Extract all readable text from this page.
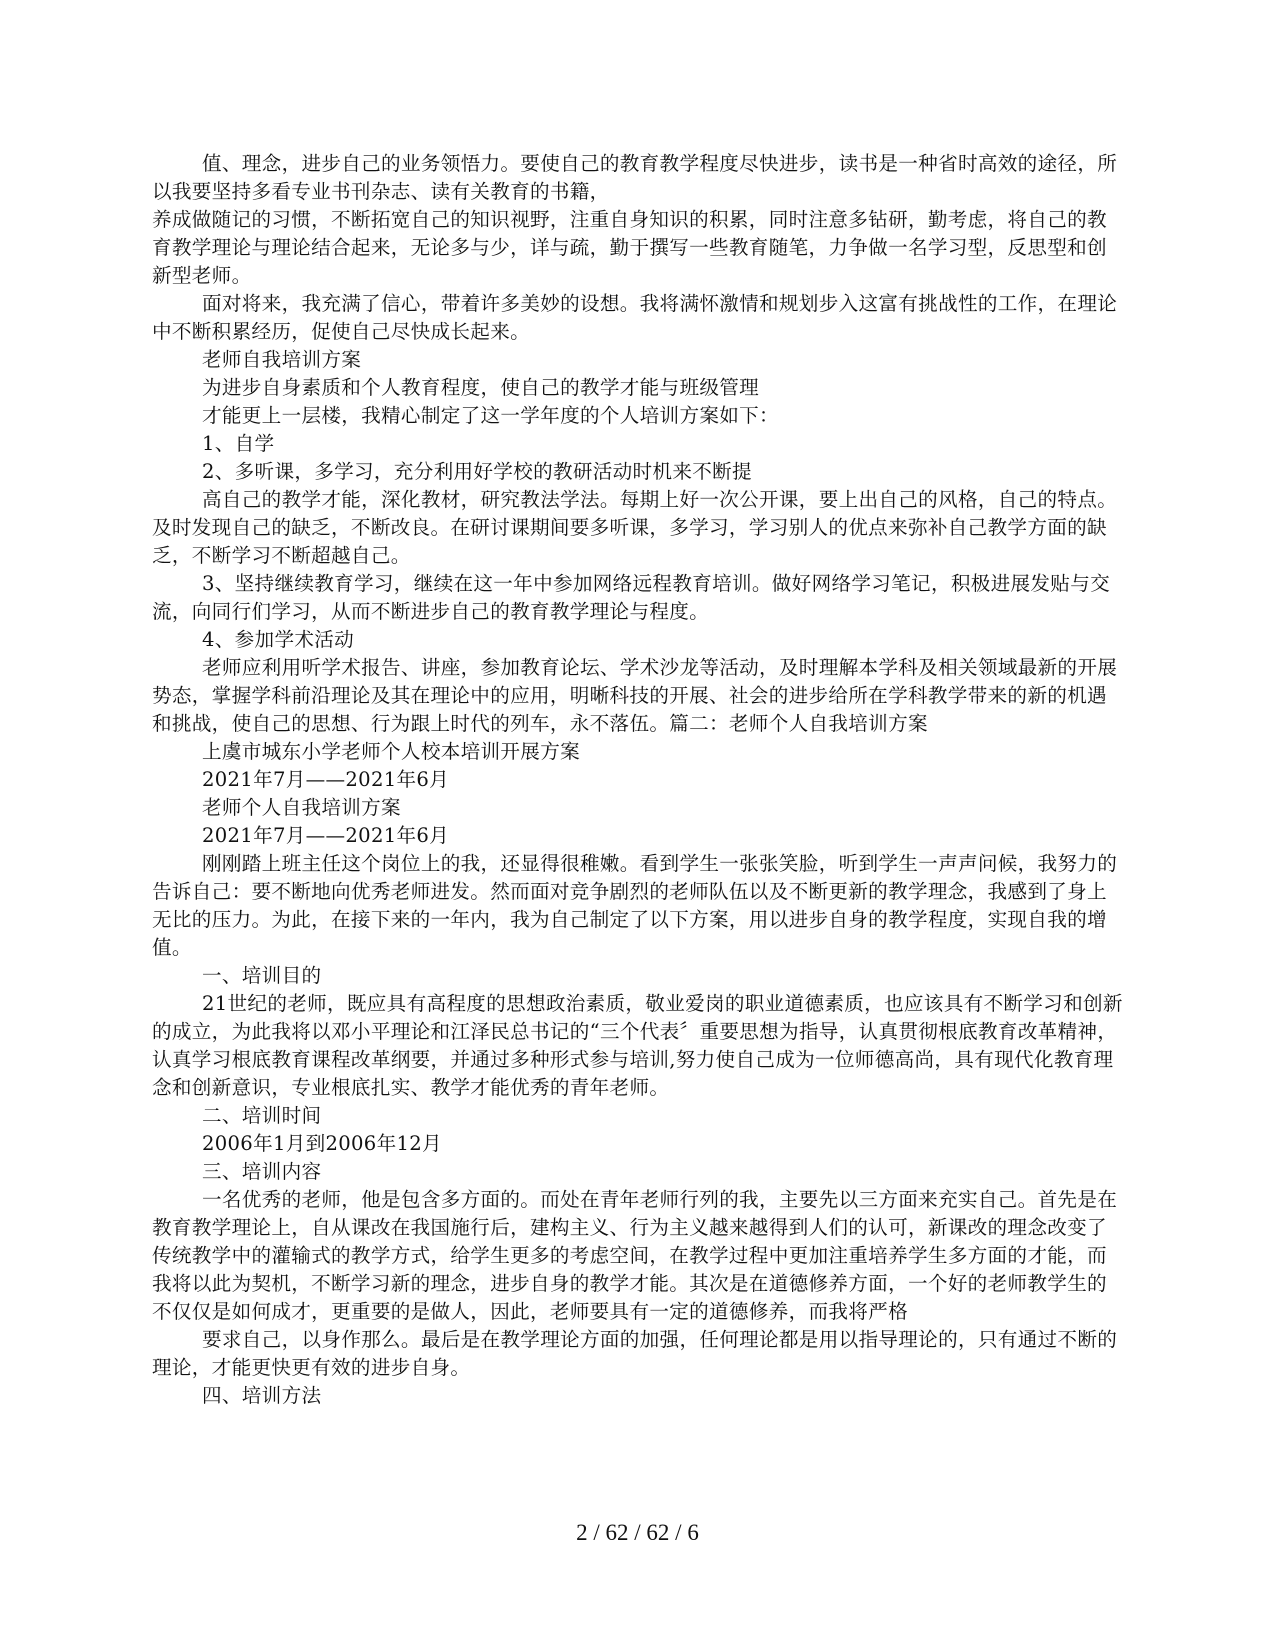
值、理念，进步自己的业务领悟力。要使自己的教育教学程度尽快进步，读书是一种省时高效的途径，所以我要坚持多看专业书刊杂志、读有关教育的书籍，

养成做随记的习惯，不断拓宽自己的知识视野，注重自身知识的积累，同时注意多钻研，勤考虑，将自己的教育教学理论与理论结合起来，无论多与少，详与疏，勤于撰写一些教育随笔，力争做一名学习型，反思型和创新型老师。

面对将来，我充满了信心，带着许多美妙的设想。我将满怀激情和规划步入这富有挑战性的工作，在理论中不断积累经历，促使自己尽快成长起来。

老师自我培训方案

为进步自身素质和个人教育程度，使自己的教学才能与班级管理

才能更上一层楼，我精心制定了这一学年度的个人培训方案如下：

1、自学

2、多听课，多学习，充分利用好学校的教研活动时机来不断提

高自己的教学才能，深化教材，研究教法学法。每期上好一次公开课，要上出自己的风格，自己的特点。及时发现自己的缺乏，不断改良。在研讨课期间要多听课，多学习，学习别人的优点来弥补自己教学方面的缺乏，不断学习不断超越自己。

3、坚持继续教育学习，继续在这一年中参加网络远程教育培训。做好网络学习笔记，积极进展发贴与交流，向同行们学习，从而不断进步自己的教育教学理论与程度。

4、参加学术活动

老师应利用听学术报告、讲座，参加教育论坛、学术沙龙等活动，及时理解本学科及相关领域最新的开展势态，掌握学科前沿理论及其在理论中的应用，明晰科技的开展、社会的进步给所在学科教学带来的新的机遇和挑战，使自己的思想、行为跟上时代的列车，永不落伍。篇二：老师个人自我培训方案

上虞市城东小学老师个人校本培训开展方案

2021年7月——2021年6月

老师个人自我培训方案

2021年7月——2021年6月

刚刚踏上班主任这个岗位上的我，还显得很稚嫩。看到学生一张张笑脸，听到学生一声声问候，我努力的告诉自己：要不断地向优秀老师进发。然而面对竞争剧烈的老师队伍以及不断更新的教学理念，我感到了身上无比的压力。为此，在接下来的一年内，我为自己制定了以下方案，用以进步自身的教学程度，实现自我的增值。

一、培训目的

21世纪的老师，既应具有高程度的思想政治素质，敬业爱岗的职业道德素质，也应该具有不断学习和创新的成立，为此我将以邓小平理论和江泽民总书记的“三个代表〞重要思想为指导，认真贯彻根底教育改革精神，认真学习根底教育课程改革纲要，并通过多种形式参与培训,努力使自己成为一位师德高尚，具有现代化教育理念和创新意识，专业根底扎实、教学才能优秀的青年老师。

二、培训时间

2006年1月到2006年12月

三、培训内容

一名优秀的老师，他是包含多方面的。而处在青年老师行列的我，主要先以三方面来充实自己。首先是在教育教学理论上，自从课改在我国施行后，建构主义、行为主义越来越得到人们的认可，新课改的理念改变了传统教学中的灌输式的教学方式，给学生更多的考虑空间，在教学过程中更加注重培养学生多方面的才能，而我将以此为契机，不断学习新的理念，进步自身的教学才能。其次是在道德修养方面，一个好的老师教学生的不仅仅是如何成才，更重要的是做人，因此，老师要具有一定的道德修养，而我将严格

要求自己，以身作那么。最后是在教学理论方面的加强，任何理论都是用以指导理论的，只有通过不断的理论，才能更快更有效的进步自身。

四、培训方法

2 / 62 / 62 / 6
